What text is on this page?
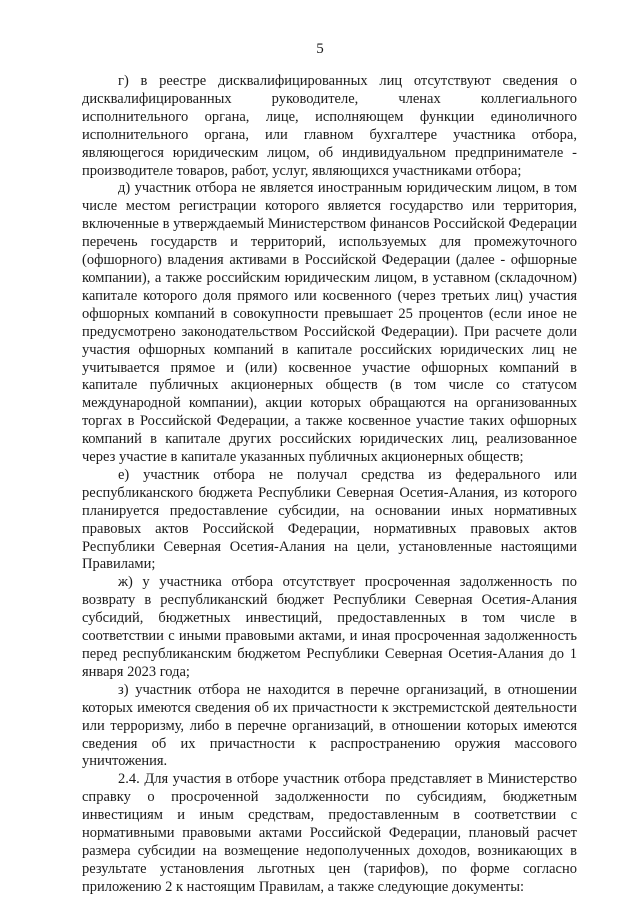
5

г) в реестре дисквалифицированных лиц отсутствуют сведения о дисквалифицированных руководителе, членах коллегиального исполнительного органа, лице, исполняющем функции единоличного исполнительного органа, или главном бухгалтере участника отбора, являющегося юридическим лицом, об индивидуальном предпринимателе - производителе товаров, работ, услуг, являющихся участниками отбора;

д) участник отбора не является иностранным юридическим лицом, в том числе местом регистрации которого является государство или территория, включенные в утверждаемый Министерством финансов Российской Федерации перечень государств и территорий, используемых для промежуточного (офшорного) владения активами в Российской Федерации (далее - офшорные компании), а также российским юридическим лицом, в уставном (складочном) капитале которого доля прямого или косвенного (через третьих лиц) участия офшорных компаний в совокупности превышает 25 процентов (если иное не предусмотрено законодательством Российской Федерации). При расчете доли участия офшорных компаний в капитале российских юридических лиц не учитывается прямое и (или) косвенное участие офшорных компаний в капитале публичных акционерных обществ (в том числе со статусом международной компании), акции которых обращаются на организованных торгах в Российской Федерации, а также косвенное участие таких офшорных компаний в капитале других российских юридических лиц, реализованное через участие в капитале указанных публичных акционерных обществ;

е) участник отбора не получал средства из федерального или республиканского бюджета Республики Северная Осетия-Алания, из которого планируется предоставление субсидии, на основании иных нормативных правовых актов Российской Федерации, нормативных правовых актов Республики Северная Осетия-Алания на цели, установленные настоящими Правилами;

ж) у участника отбора отсутствует просроченная задолженность по возврату в республиканский бюджет Республики Северная Осетия-Алания субсидий, бюджетных инвестиций, предоставленных в том числе в соответствии с иными правовыми актами, и иная просроченная задолженность перед республиканским бюджетом Республики Северная Осетия-Алания до 1 января 2023 года;

з) участник отбора не находится в перечне организаций, в отношении которых имеются сведения об их причастности к экстремистской деятельности или терроризму, либо в перечне организаций, в отношении которых имеются сведения об их причастности к распространению оружия массового уничтожения.

2.4. Для участия в отборе участник отбора представляет в Министерство справку о просроченной задолженности по субсидиям, бюджетным инвестициям и иным средствам, предоставленным в соответствии с нормативными правовыми актами Российской Федерации, плановый расчет размера субсидии на возмещение недополученных доходов, возникающих в результате установления льготных цен (тарифов), по форме согласно приложению 2 к настоящим Правилам, а также следующие документы:
